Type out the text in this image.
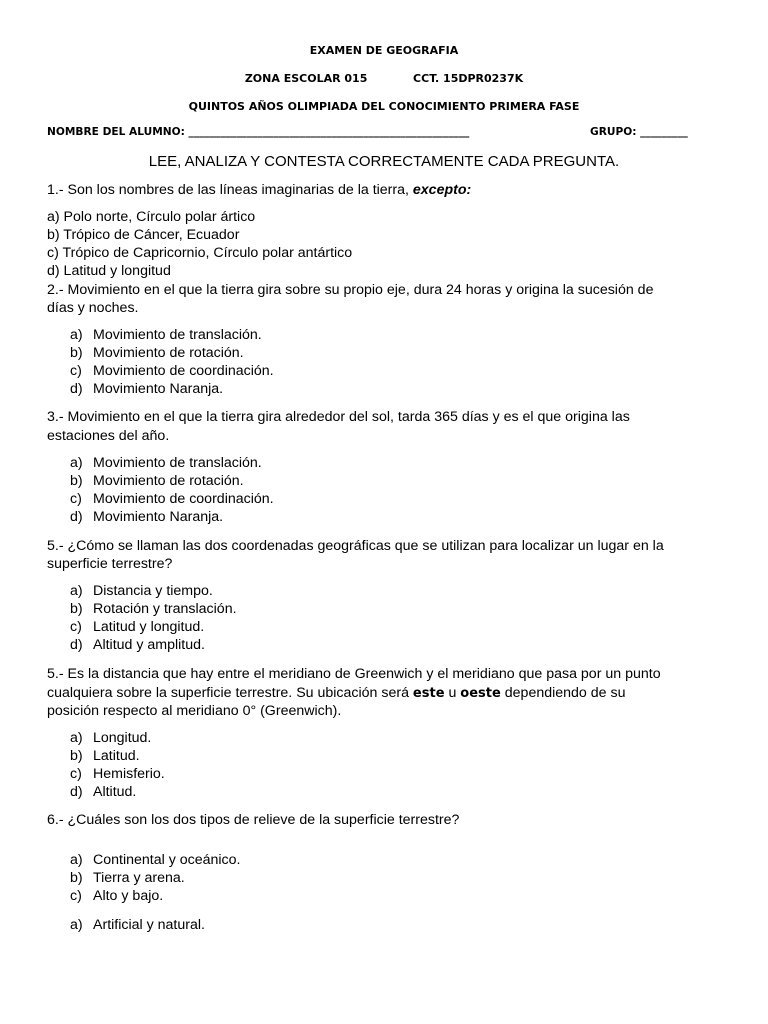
EXAMEN DE GEOGRAFIA
ZONA ESCOLAR 015	CCT. 15DPR0237K
QUINTOS AÑOS OLIMPIADA DEL CONOCIMIENTO PRIMERA FASE
NOMBRE DEL ALUMNO: _____________________________________________________	GRUPO: _________
LEE, ANALIZA Y CONTESTA CORRECTAMENTE CADA PREGUNTA.
1.- Son los nombres de las líneas imaginarias de la tierra, excepto:
a) Polo norte, Círculo polar ártico
b) Trópico de Cáncer, Ecuador
c) Trópico de Capricornio, Círculo polar antártico
d) Latitud y longitud
2.- Movimiento en el que la tierra gira sobre su propio eje, dura 24 horas y origina la sucesión de
días y noches.
a) Movimiento de translación.
b) Movimiento de rotación.
c) Movimiento de coordinación.
d) Movimiento Naranja.
3.- Movimiento en el que la tierra gira alrededor del sol, tarda 365 días y es el que origina las
estaciones del año.
a) Movimiento de translación.
b) Movimiento de rotación.
c) Movimiento de coordinación.
d) Movimiento Naranja.
5.- ¿Cómo se llaman las dos coordenadas geográficas que se utilizan para localizar un lugar en la
superficie terrestre?
a) Distancia y tiempo.
b) Rotación y translación.
c) Latitud y longitud.
d) Altitud y amplitud.
5.- Es la distancia que hay entre el meridiano de Greenwich y el meridiano que pasa por un punto
cualquiera sobre la superficie terrestre. Su ubicación será este u oeste dependiendo de su
posición respecto al meridiano 0° (Greenwich).
a) Longitud.
b) Latitud.
c) Hemisferio.
d) Altitud.
6.- ¿Cuáles son los dos tipos de relieve de la superficie terrestre?
a) Continental y oceánico.
b) Tierra y arena.
c) Alto y bajo.
a) Artificial y natural.
